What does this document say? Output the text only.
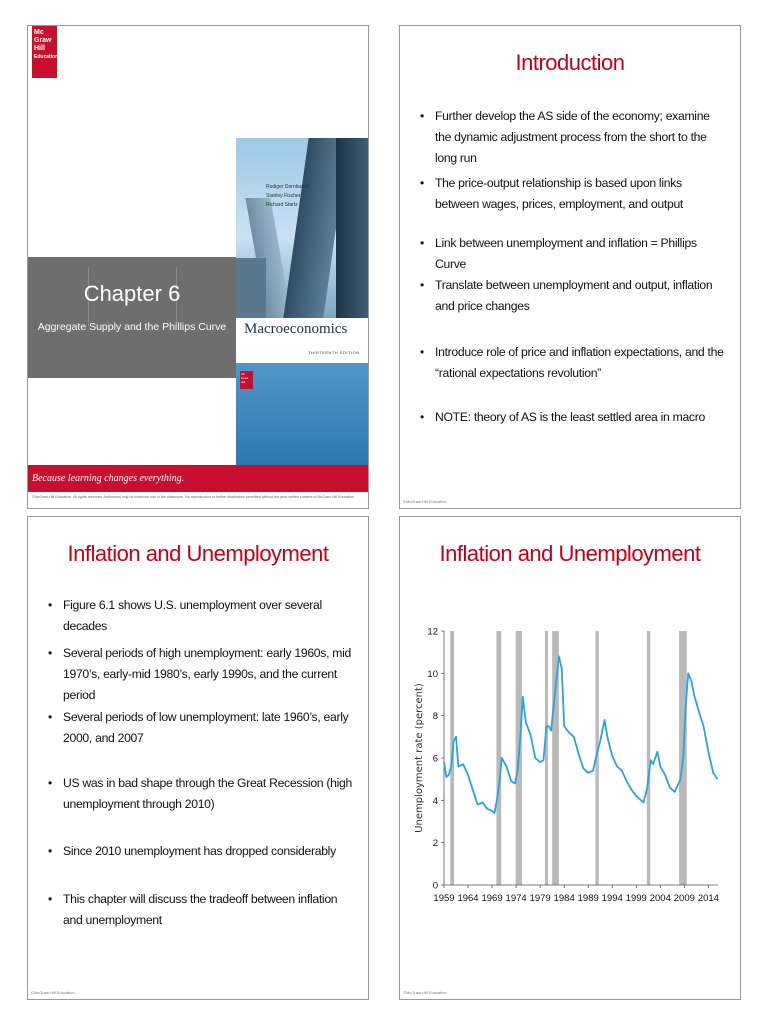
Mc
Graw
Hill
Education
Chapter 6
Aggregate Supply and the Phillips Curve
Rudiger Dornbusch
Stanley Fischer
Richard Startz
Macroeconomics
THIRTEENTH EDITION
Mc Graw Hill
Because learning changes everything.
©McGraw-Hill Education. All rights reserved. Authorized only for instructor use in the classroom. No reproduction or further distribution permitted without the prior written consent of McGraw-Hill Education.
Introduction
• Further develop the AS side of the economy; examine the dynamic adjustment process from the short to the long run
• The price-output relationship is based upon links between wages, prices, employment, and output
• Link between unemployment and inflation = Phillips Curve
• Translate between unemployment and output, inflation and price changes
• Introduce role of price and inflation expectations, and the “rational expectations revolution”
• NOTE: theory of AS is the least settled area in macro
©McGraw-Hill Education
Inflation and Unemployment
• Figure 6.1 shows U.S. unemployment over several decades
• Several periods of high unemployment: early 1960s, mid 1970’s, early-mid 1980’s, early 1990s, and the current period
• Several periods of low unemployment: late 1960’s, early 2000, and 2007
• US was in bad shape through the Great Recession (high unemployment through 2010)
• Since 2010 unemployment has dropped considerably
• This chapter will discuss the tradeoff between inflation and unemployment
©McGraw-Hill Education
Inflation and Unemployment
0
2
4
6
8
10
12
1959 1964 1969 1974 1979 1984 1989 1994 1999 2004 2009 2014
Unemployment rate (percent)
©McGraw-Hill Education
